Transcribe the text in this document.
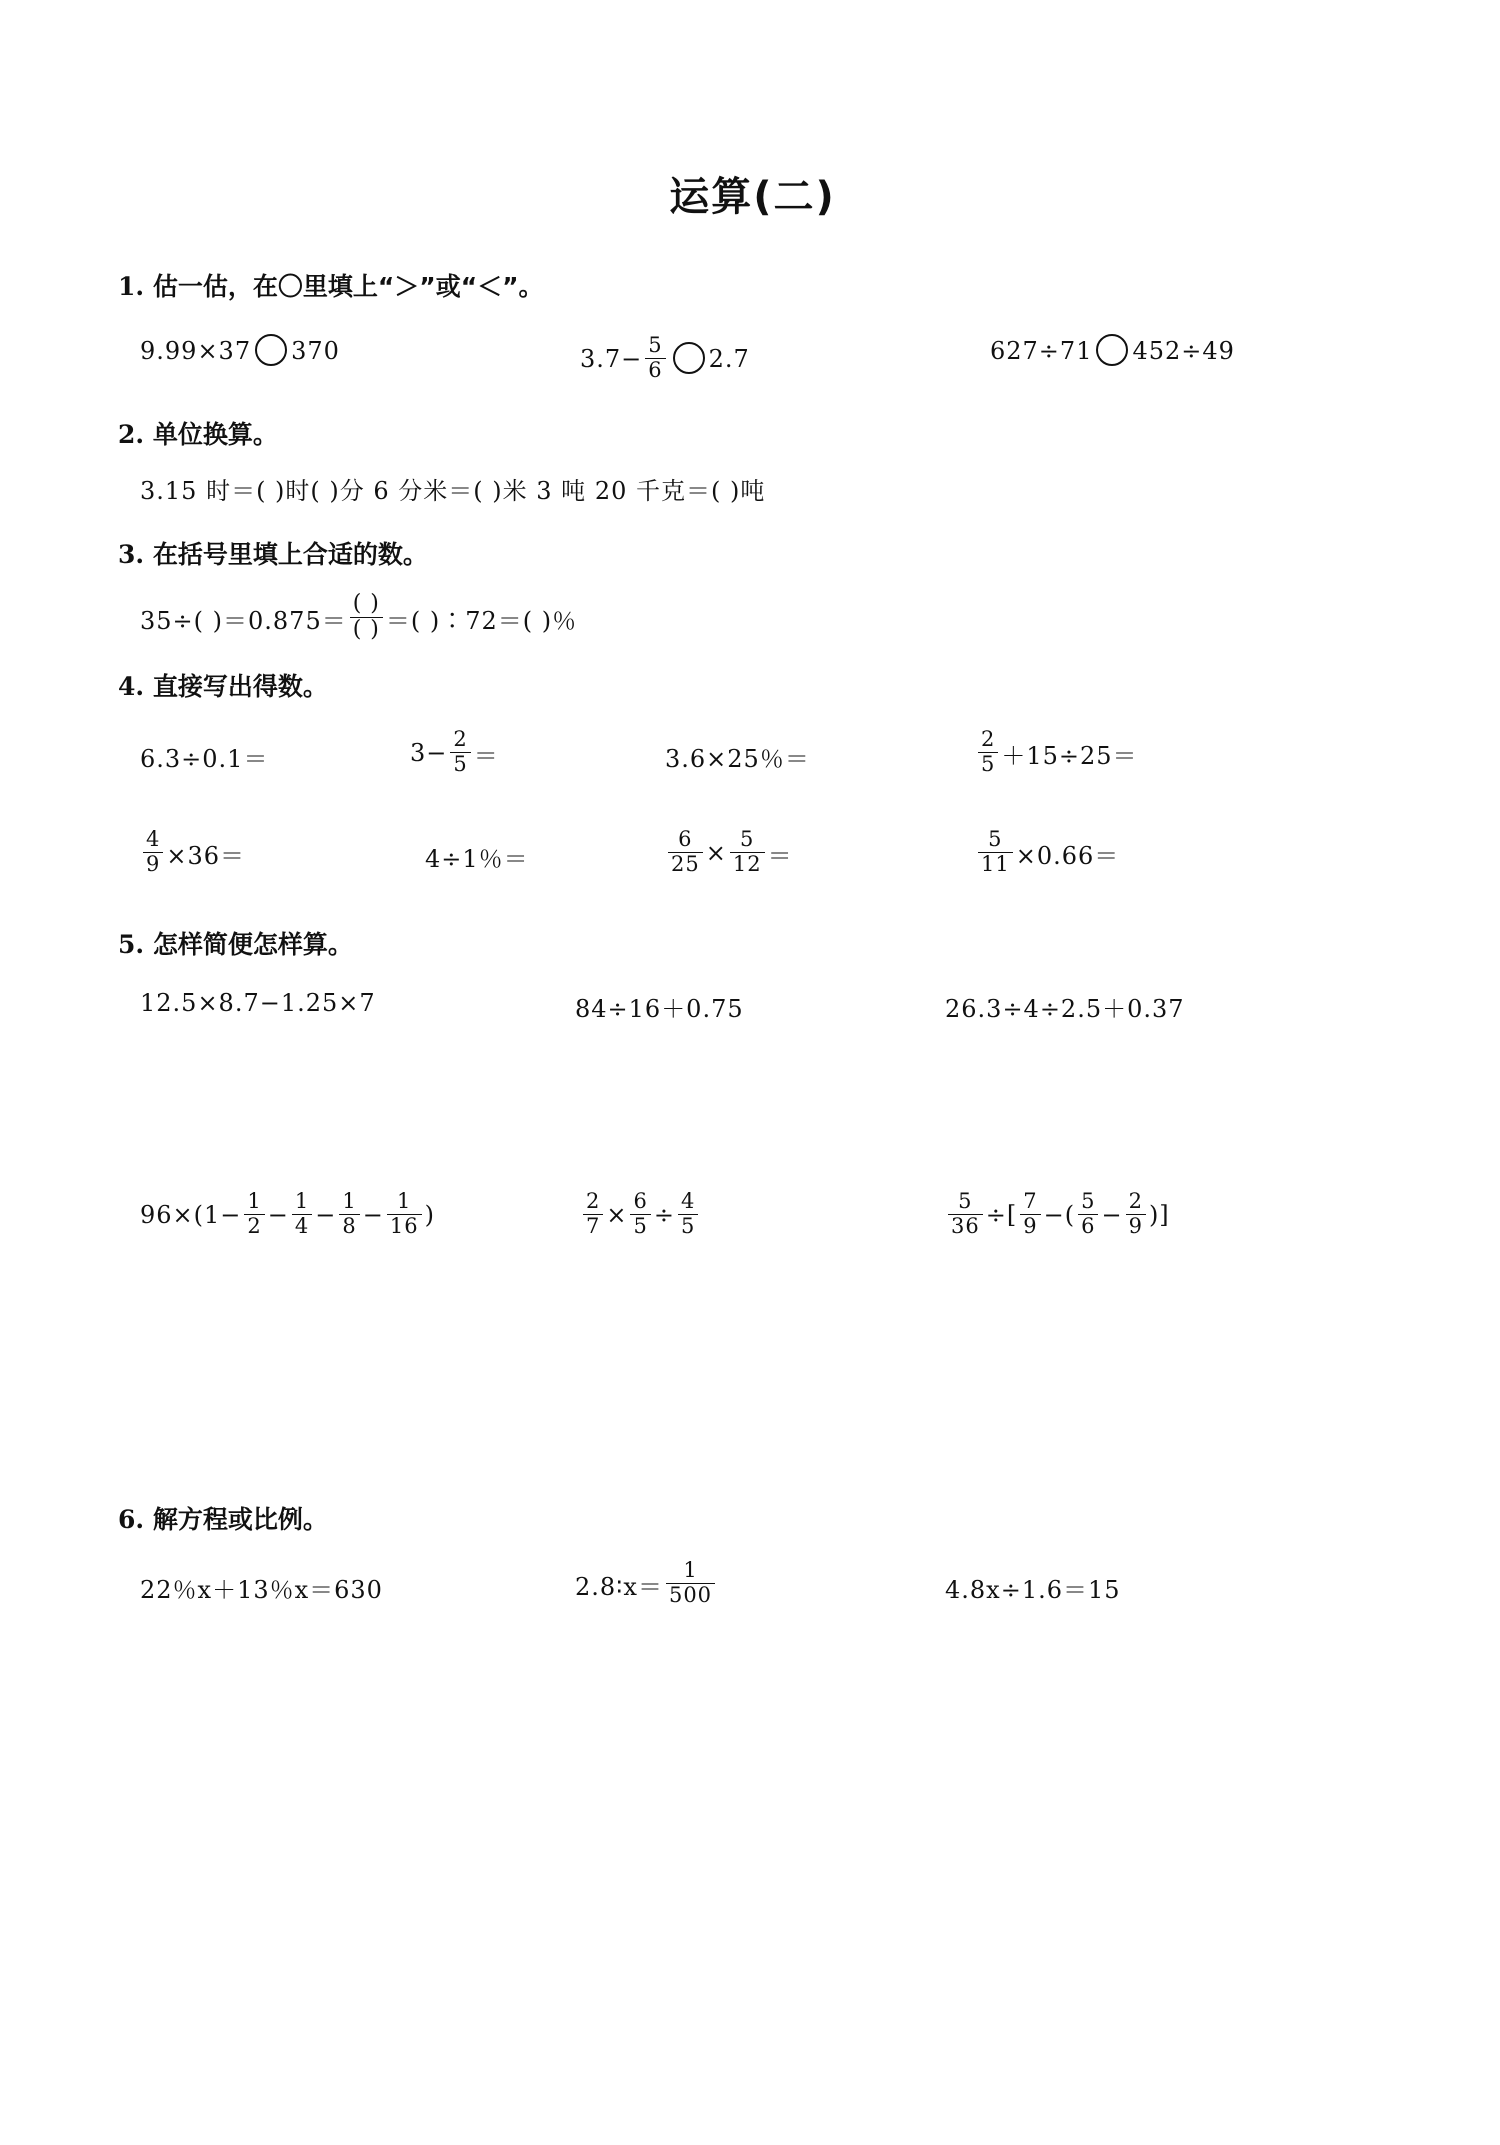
运算(二)
1. 估一估，在〇里填上“＞”或“＜”。
9.99×37 370	$3.7- \frac{5}{6} 2.7$	627÷71 452÷49
2. 单位换算。
3.15 时＝( )时( )分 6 分米＝( )米 3 吨 20 千克＝( )吨
3. 在括号里填上合适的数。
35÷( )$=0.875= \frac{( )}{( )}$ ＝( )∶72＝( )％
4. 直接写出得数。
6.3÷0.1＝	$3- \frac{2}{5}$ ＝	3.6×25％＝	$\frac{2}{5} +15\div 25=$
$\frac{4}{9} \times 36=$	4÷1％＝	$\frac{6}{25} \times \frac{5}{12}$ ＝	$\frac{5}{11} \times 0.66=$
5. 怎样简便怎样算。
12.5×8.7−1.25×7	84÷16＋0.75	26.3÷4÷2.5＋0.37
$96\times(1- \frac{1}{2} - \frac{1}{4} - \frac{1}{8} - \frac{1}{16}$ )	$\frac{2}{7} \times \frac{6}{5} \div \frac{4}{5}$	$\frac{5}{36}$ ÷[ $\frac{7}{9}$ −( $\frac{5}{6} - \frac{2}{9}$ )]
6. 解方程或比例。
22％x＋13％x＝630	2.8∶x＝ $\frac{1}{500}$	4.8x÷1.6＝15
